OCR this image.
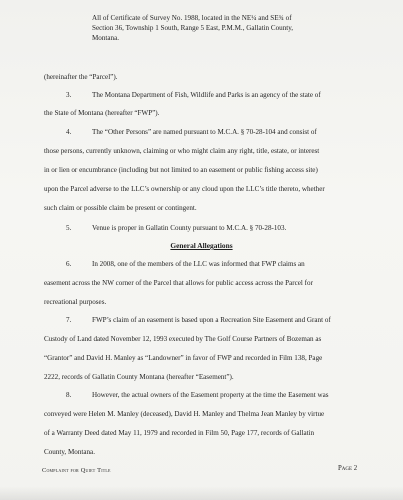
All of Certificate of Survey No. 1988, located in the NE¼ and SE¾ of
Section 36, Township 1 South, Range 5 East, P.M.M., Gallatin County,
Montana.
(hereinafter the “Parcel”).
3.	The Montana Department of Fish, Wildlife and Parks is an agency of the state of
the State of Montana (hereafter “FWP”).
4.	The “Other Persons” are named pursuant to M.C.A. § 70-28-104 and consist of
those persons, currently unknown, claiming or who might claim any right, title, estate, or interest
in or lien or encumbrance (including but not limited to an easement or public fishing access site)
upon the Parcel adverse to the LLC’s ownership or any cloud upon the LLC’s title thereto, whether
such claim or possible claim be present or contingent.
5.	Venue is proper in Gallatin County pursuant to M.C.A. § 70-28-103.
General Allegations
6.	In 2008, one of the members of the LLC was informed that FWP claims an
easement across the NW corner of the Parcel that allows for public access across the Parcel for
recreational purposes.
7.	FWP’s claim of an easement is based upon a Recreation Site Easement and Grant of
Custody of Land dated November 12, 1993 executed by The Golf Course Partners of Bozeman as
“Grantor” and David H. Manley as “Landowner” in favor of FWP and recorded in Film 138, Page
2222, records of Gallatin County Montana (hereafter “Easement”).
8.	However, the actual owners of the Easement property at the time the Easement was
conveyed were Helen M. Manley (deceased), David H. Manley and Thelma Jean Manley by virtue
of a Warranty Deed dated May 11, 1979 and recorded in Film 50, Page 177, records of Gallatin
County, Montana.
Complaint for Quiet Title	Page 2
